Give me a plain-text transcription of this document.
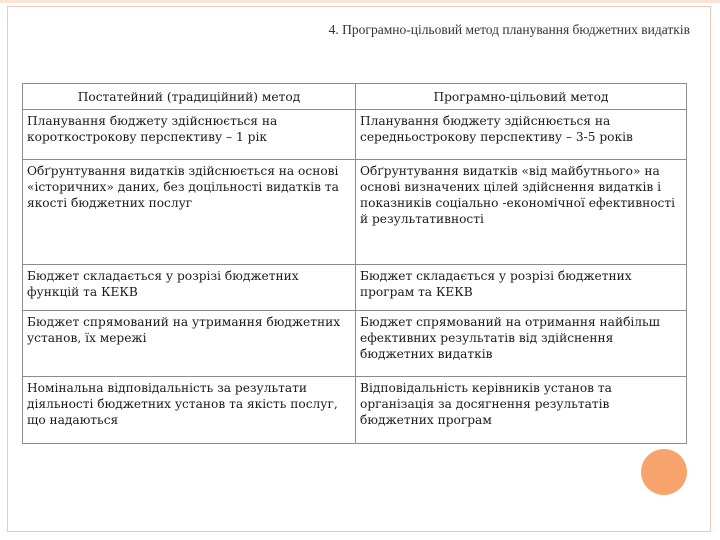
4. Програмно-цільовий метод планування бюджетних видатків
Постатейний (традиційний) метод	Програмно-цільовий метод
Планування бюджету здійснюється на короткострокову перспективу – 1 рік	Планування бюджету здійснюється на середньострокову перспективу – 3-5 років
Обґрунтування видатків здійснюється на основі «історичних» даних, без доцільності видатків та якості бюджетних послуг	Обґрунтування видатків «від майбутнього» на основі визначених цілей здійснення видатків і показників соціально -економічної ефективності й результативності
Бюджет складається у розрізі бюджетних функцій та КЕКВ	Бюджет складається у розрізі бюджетних програм та КЕКВ
Бюджет спрямований на утримання бюджетних установ, їх мережі	Бюджет спрямований на отримання найбільш ефективних результатів від здійснення бюджетних видатків
Номінальна відповідальність за результати діяльності бюджетних установ та якість послуг, що надаються	Відповідальність керівників установ та організація за досягнення результатів бюджетних програм
